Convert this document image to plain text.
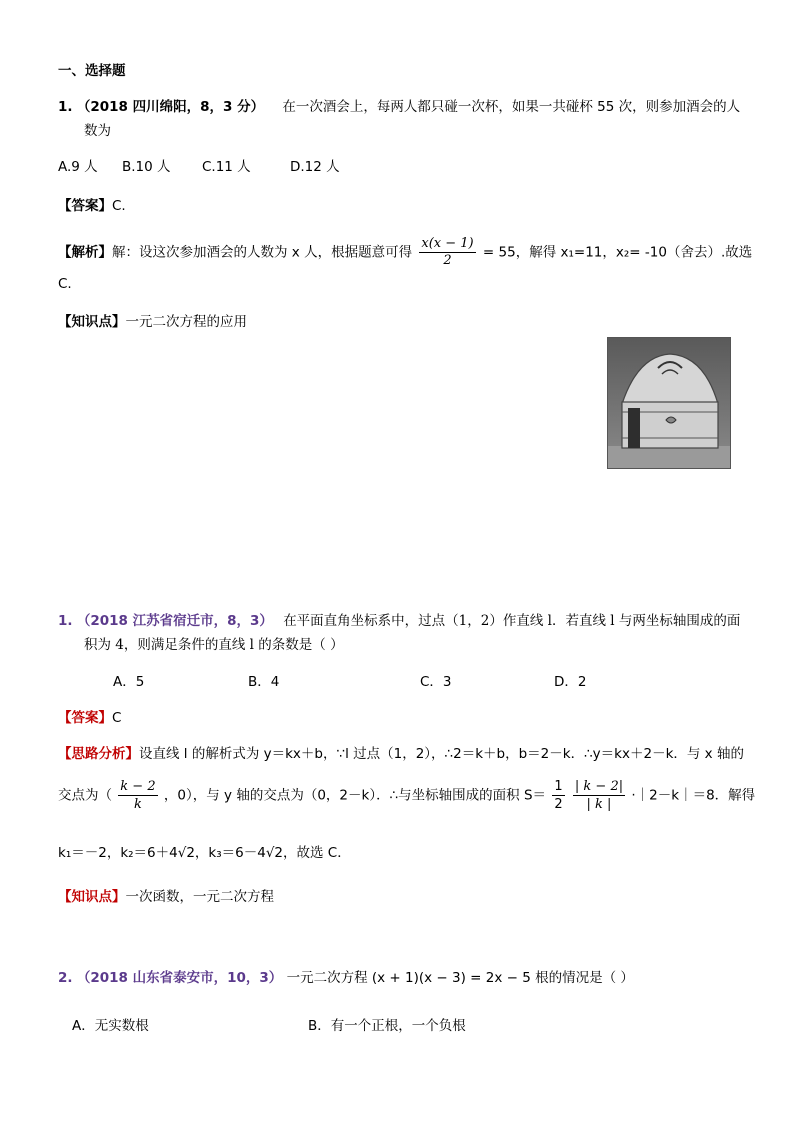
一、选择题
1. （2018 四川绵阳，8，3 分） 在一次酒会上，每两人都只碰一次杯，如果一共碰杯 55 次，则参加酒会的人
数为
A.9 人 B.10 人 C.11 人	D.12 人
【答案】C.
【解析】解：设这次参加酒会的人数为 x 人，根据题意可得 $\frac{x(x - 1)}{2} = 55$，解得 x₁=11，x₂= -10（舍去）.故选
C.
【知识点】一元二次方程的应用
1. （2018 江苏省宿迁市，8，3） 在平面直角坐标系中，过点（1，2）作直线 l．若直线 l 与两坐标轴围成的面
积为 4，则满足条件的直线 l 的条数是（ ）
A．5	B．4	C．3	D．2
【答案】C
【思路分析】设直线 l 的解析式为 y＝kx＋b，∵l 过点（1，2），∴2＝k＋b，b＝2－k．∴y＝kx＋2－k．与 x 轴的
交点为（ $\frac{k - 2}{k}$ ，0），与 y 轴的交点为（0，2－k）．∴与坐标轴围成的面积 $S= \frac{1}{2}$
$\frac{| k - 2|}{| k |}$ ·｜2－k｜＝8．解得
k₁＝－2，k₂＝6＋4√2，k₃＝6－4√2，故选 C．
【知识点】一次函数，一元二次方程
2. （2018 山东省泰安市，10，3） 一元二次方程 (x + 1)(x − 3) = 2x − 5 根的情况是（ ）
A．无实数根	B．有一个正根，一个负根
